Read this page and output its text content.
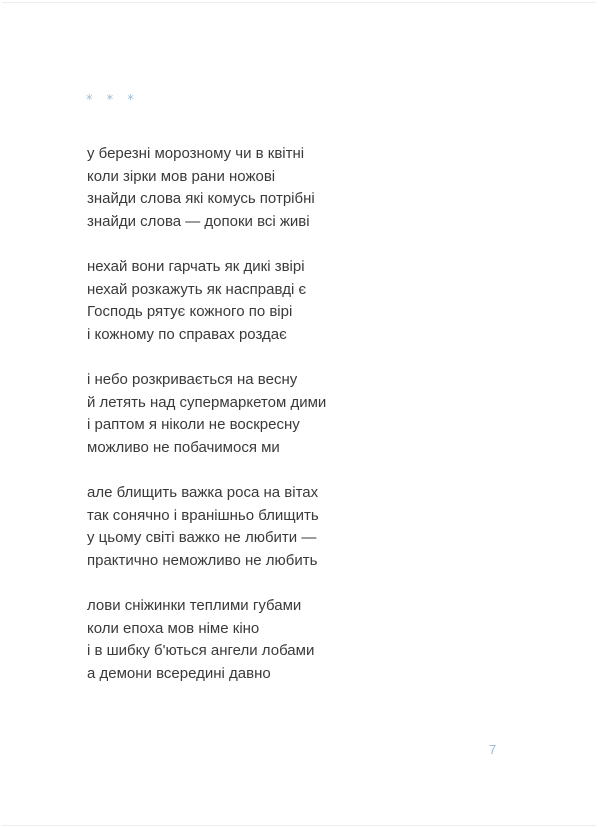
* * *
у березні морозному чи в квітні
коли зірки мов рани ножові
знайди слова які комусь потрібні
знайди слова — допоки всі живі
нехай вони гарчать як дикі звірі
нехай розкажуть як насправді є
Господь рятує кожного по вірі
і кожному по справах роздає
і небо розкривається на весну
й летять над супермаркетом дими
і раптом я ніколи не воскресну
можливо не побачимося ми
але блищить важка роса на вітах
так сонячно і вранішньо блищить
у цьому світі важко не любити —
практично неможливо не любить
лови сніжинки теплими губами
коли епоха мов німе кіно
і в шибку б'ються ангели лобами
а демони всередині давно
7
